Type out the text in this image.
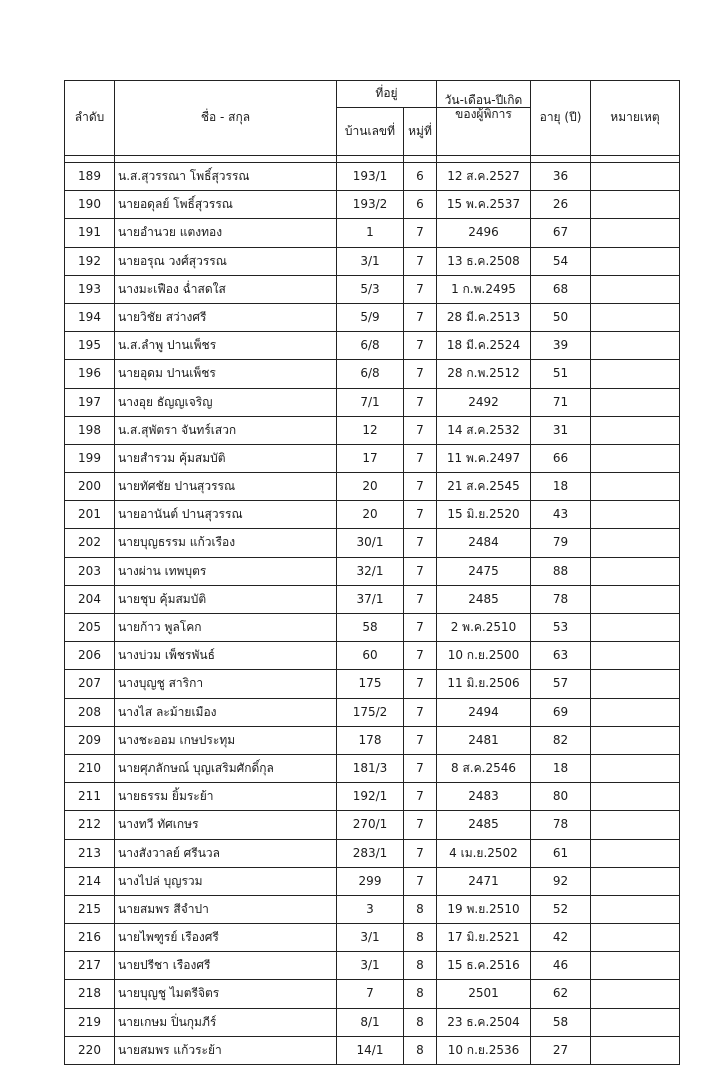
ลำดับ	ชื่อ - สกุล	ที่อยู่		วัน-เดือน-ปีเกิด	อายุ (ปี)	หมายเหตุ
		บ้านเลขที่	หมู่ที่	ของผู้พิการ		

189	น.ส.สุวรรณา โพธิ์สุวรรณ	193/1	6	12 ส.ค.2527	36	
190	นายอดุลย์ โพธิ์สุวรรณ	193/2	6	15 พ.ค.2537	26	
191	นายอำนวย แตงทอง	1	7	2496	67	
192	นายอรุณ วงศ์สุวรรณ	3/1	7	13 ธ.ค.2508	54	
193	นางมะเฟือง ฉ่ำสดใส	5/3	7	1 ก.พ.2495	68	
194	นายวิชัย สว่างศรี	5/9	7	28 มี.ค.2513	50	
195	น.ส.ลำพู ปานเพ็ชร	6/8	7	18 มี.ค.2524	39	
196	นายอุดม ปานเพ็ชร	6/8	7	28 ก.พ.2512	51	
197	นางอุย ธัญญเจริญ	7/1	7	2492	71	
198	น.ส.สุพัตรา จันทร์เสวก	12	7	14 ส.ค.2532	31	
199	นายสำรวม คุ้มสมบัติ	17	7	11 พ.ค.2497	66	
200	นายทัศชัย ปานสุวรรณ	20	7	21 ส.ค.2545	18	
201	นายอานันต์ ปานสุวรรณ	20	7	15 มิ.ย.2520	43	
202	นายบุญธรรม แก้วเรือง	30/1	7	2484	79	
203	นางผ่าน เทพบุตร	32/1	7	2475	88	
204	นายชุบ คุ้มสมบัติ	37/1	7	2485	78	
205	นายก้าว พูลโคก	58	7	2 พ.ค.2510	53	
206	นางบ่วม เพ็ชรพันธ์	60	7	10 ก.ย.2500	63	
207	นางบุญชู สาริกา	175	7	11 มิ.ย.2506	57	
208	นางไส ละม้ายเมือง	175/2	7	2494	69	
209	นางชะออม เกษประทุม	178	7	2481	82	
210	นายศุภลักษณ์ บุญเสริมศักดิ์กุล	181/3	7	8 ส.ค.2546	18	
211	นายธรรม ยิ้มระย้า	192/1	7	2483	80	
212	นางทวี ทัศเกษร	270/1	7	2485	78	
213	นางสังวาลย์ ศรีนวล	283/1	7	4 เม.ย.2502	61	
214	นางไปล่ บุญรวม	299	7	2471	92	
215	นายสมพร สีจำปา	3	8	19 พ.ย.2510	52	
216	นายไพฑูรย์ เรืองศรี	3/1	8	17 มิ.ย.2521	42	
217	นายปรีชา เรืองศรี	3/1	8	15 ธ.ค.2516	46	
218	นายบุญชู ไมตรีจิตร	7	8	2501	62	
219	นายเกษม ปิ่นกุมภีร์	8/1	8	23 ธ.ค.2504	58	
220	นายสมพร แก้วระย้า	14/1	8	10 ก.ย.2536	27	
